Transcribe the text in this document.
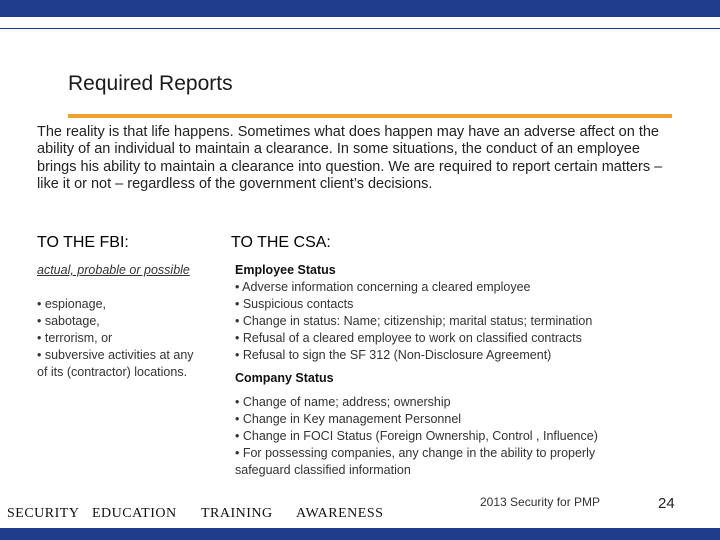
Required Reports
The reality is that life happens. Sometimes what does happen may have an adverse affect on the ability of an individual to maintain a clearance. In some situations, the conduct of an employee brings his ability to maintain a clearance into question. We are required to report certain matters – like it or not – regardless of the government client’s decisions.
TO THE FBI:	TO THE CSA:
actual, probable or possible
• espionage,
• sabotage,
• terrorism, or
• subversive activities at any
of its (contractor) locations.
Employee Status
• Adverse information concerning a cleared employee
• Suspicious contacts
• Change in status: Name; citizenship; marital status; termination
• Refusal of a cleared employee to work on classified contracts
• Refusal to sign the SF 312 (Non-Disclosure Agreement)
Company Status
• Change of name; address; ownership
• Change in Key management Personnel
• Change in FOCI Status (Foreign Ownership, Control , Influence)
• For possessing companies, any change in the ability to properly
safeguard classified information
SECURITY EDUCATION TRAINING AWARENESS
2013 Security for PMP	24
